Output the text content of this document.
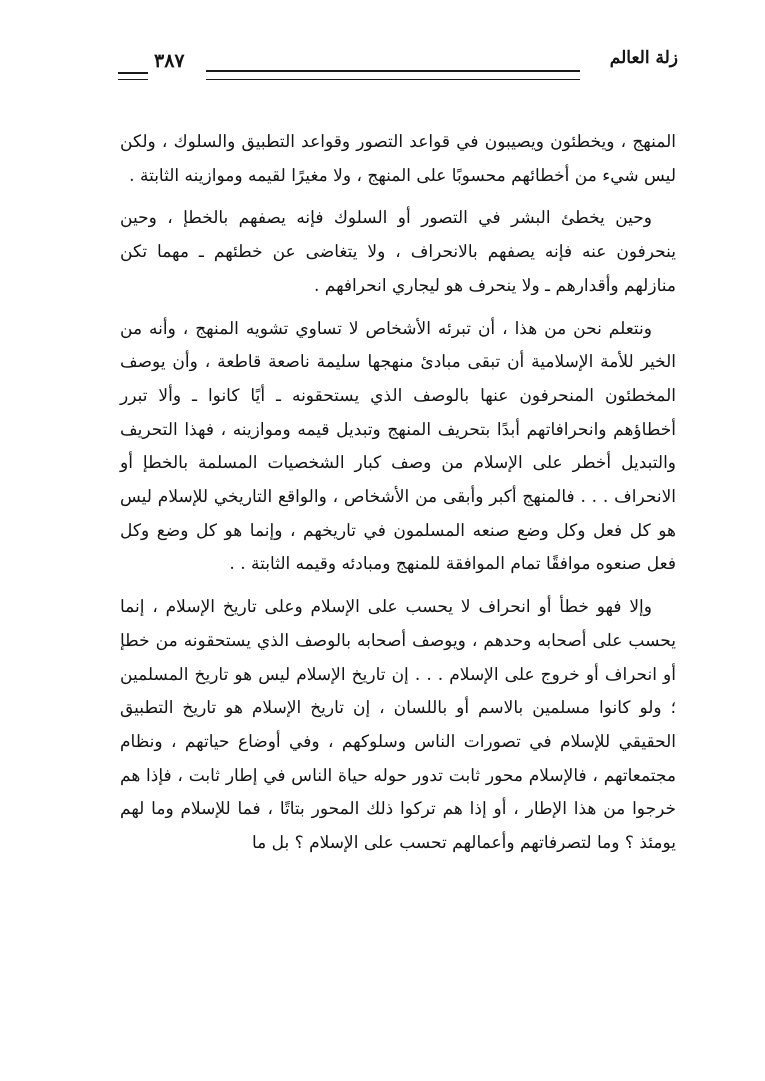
زلة العالم
٣٨٧

المنهج ، ويخطئون ويصيبون في قواعد التصور وقواعد التطبيق والسلوك ، ولكن ليس شيء من أخطائهم محسوبًا على المنهج ، ولا مغيرًا لقيمه وموازينه الثابتة .

وحين يخطئ البشر في التصور أو السلوك فإنه يصفهم بالخطإ ، وحين ينحرفون عنه فإنه يصفهم بالانحراف ، ولا يتغاضى عن خطئهم ـ مهما تكن منازلهم وأقدارهم ـ ولا ينحرف هو ليجاري انحرافهم .

ونتعلم نحن من هذا ، أن تبرئه الأشخاص لا تساوي تشويه المنهج ، وأنه من الخير للأمة الإسلامية أن تبقى مبادئ منهجها سليمة ناصعة قاطعة ، وأن يوصف المخطئون المنحرفون عنها بالوصف الذي يستحقونه ـ أيًا كانوا ـ وألا تبرر أخطاؤهم وانحرافاتهم أبدًا بتحريف المنهج وتبديل قيمه وموازينه ، فهذا التحريف والتبديل أخطر على الإسلام من وصف كبار الشخصيات المسلمة بالخطإ أو الانحراف . . . فالمنهج أكبر وأبقى من الأشخاص ، والواقع التاريخي للإسلام ليس هو كل فعل وكل وضع صنعه المسلمون في تاريخهم ، وإنما هو كل وضع وكل فعل صنعوه موافقًا تمام الموافقة للمنهج ومبادئه وقيمه الثابتة . .

وإلا فهو خطأ أو انحراف لا يحسب على الإسلام وعلى تاريخ الإسلام ، إنما يحسب على أصحابه وحدهم ، ويوصف أصحابه بالوصف الذي يستحقونه من خطإ أو انحراف أو خروج على الإسلام . . . إن تاريخ الإسلام ليس هو تاريخ المسلمين ؛ ولو كانوا مسلمين بالاسم أو باللسان ، إن تاريخ الإسلام هو تاريخ التطبيق الحقيقي للإسلام في تصورات الناس وسلوكهم ، وفي أوضاع حياتهم ، ونظام مجتمعاتهم ، فالإسلام محور ثابت تدور حوله حياة الناس في إطار ثابت ، فإذا هم خرجوا من هذا الإطار ، أو إذا هم تركوا ذلك المحور بتاتًا ، فما للإسلام وما لهم يومئذ ؟ وما لتصرفاتهم وأعمالهم تحسب على الإسلام ؟ بل ما
